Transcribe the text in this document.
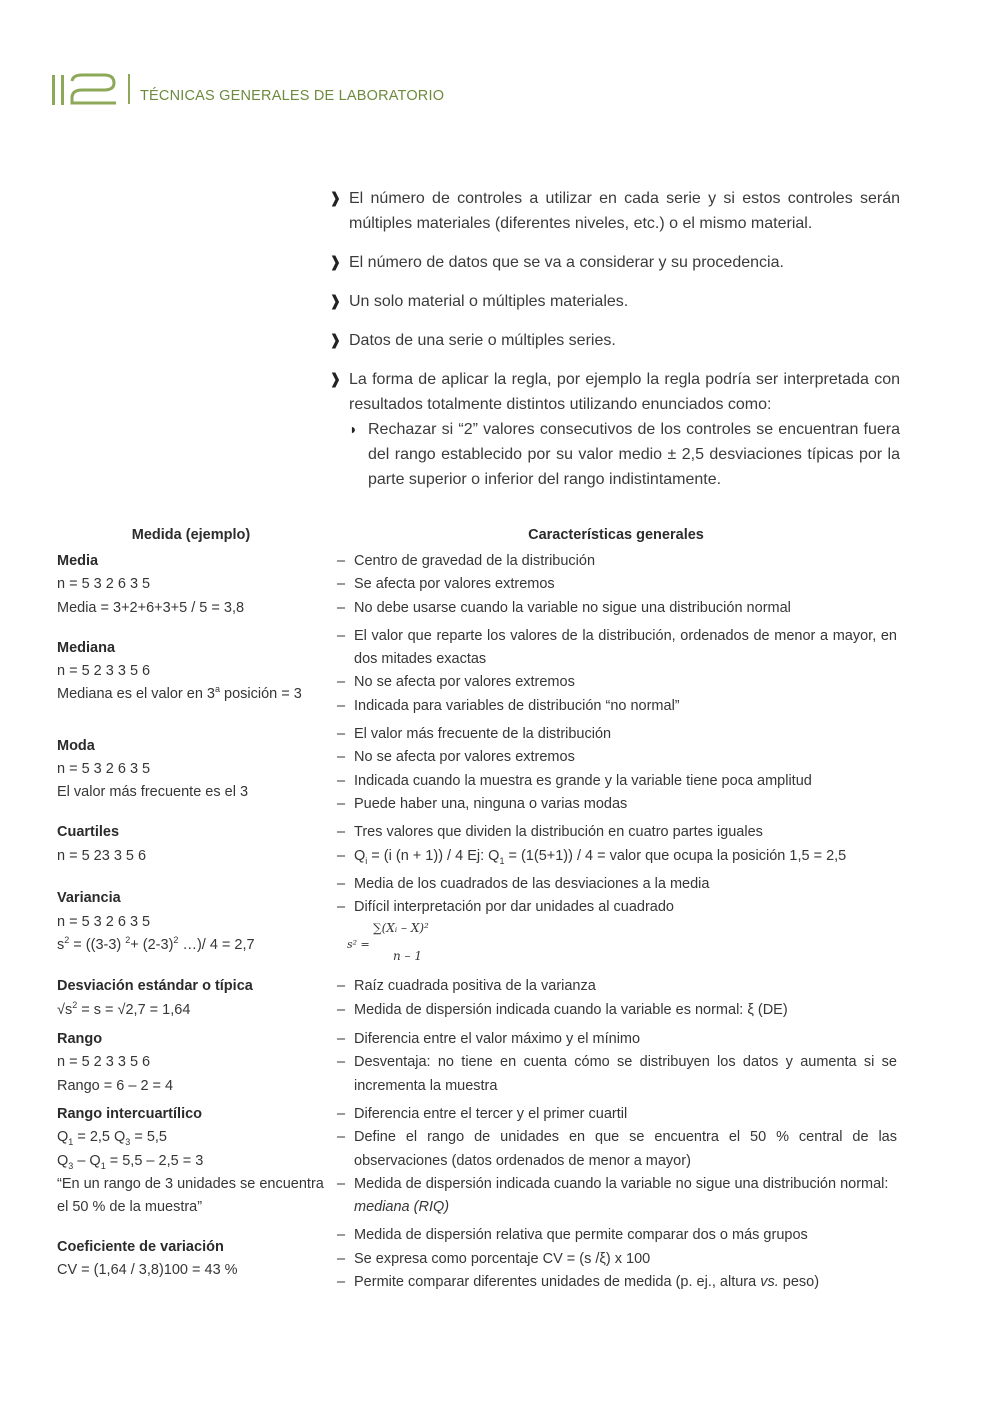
TÉCNICAS GENERALES DE LABORATORIO
❱ El número de controles a utilizar en cada serie y si estos controles serán múltiples materiales (diferentes niveles, etc.) o el mismo material.
❱ El número de datos que se va a considerar y su procedencia.
❱ Un solo material o múltiples materiales.
❱ Datos de una serie o múltiples series.
❱ La forma de aplicar la regla, por ejemplo la regla podría ser interpretada con resultados totalmente distintos utilizando enunciados como:
◗ Rechazar si “2” valores consecutivos de los controles se encuentran fuera del rango establecido por su valor medio ± 2,5 desviaciones típicas por la parte superior o inferior del rango indistintamente.
Medida (ejemplo)	Características generales
Media
n = 5 3 2 6 3 5
Media = 3+2+6+3+5 / 5 = 3,8
– Centro de gravedad de la distribución
– Se afecta por valores extremos
– No debe usarse cuando la variable no sigue una distribución normal
Mediana
n = 5 2 3 3 5 6
Mediana es el valor en 3$^a$ posición = 3
– El valor que reparte los valores de la distribución, ordenados de menor a mayor, en dos mitades exactas
– No se afecta por valores extremos
– Indicada para variables de distribución “no normal”
Moda
n = 5 3 2 6 3 5
El valor más frecuente es el 3
– El valor más frecuente de la distribución
– No se afecta por valores extremos
– Indicada cuando la muestra es grande y la variable tiene poca amplitud
– Puede haber una, ninguna o varias modas
Cuartiles
n = 5 23 3 5 6
– Tres valores que dividen la distribución en cuatro partes iguales
– $Q_i = (i$ (n + 1)) / 4 Ej: $Q_1 = (1(5+1)) / 4$ = valor que ocupa la posición 1,5 = 2,5
Variancia
n = 5 3 2 6 3 5
$s^2 = ((3-3)$ $^2+ (2-3)^2$ …)/ 4 = 2,7
– Media de los cuadrados de las desviaciones a la media
– Difícil interpretación por dar unidades al cuadrado
s² =
∑(Xᵢ – X)²
n – 1
Desviación estándar o típica
$√s^2 = s = √2,7 = 1,64$
– Raíz cuadrada positiva de la varianza
– Medida de dispersión indicada cuando la variable es normal: ξ (DE)
Rango
n = 5 2 3 3 5 6
Rango = 6 – 2 = 4
– Diferencia entre el valor máximo y el mínimo
– Desventaja: no tiene en cuenta cómo se distribuyen los datos y aumenta si se incrementa la muestra
Rango intercuartílico
$Q_1 = 2,5$ $Q_3 = 5,5$
$Q_3 - Q_1 = 5,5 - 2,5 = 3$
“En un rango de 3 unidades se encuentra el 50 % de la muestra”
– Diferencia entre el tercer y el primer cuartil
– Define el rango de unidades en que se encuentra el 50 % central de las observaciones (datos ordenados de menor a mayor)
– Medida de dispersión indicada cuando la variable no sigue una distribución normal:
mediana (RIQ)
Coeficiente de variación
CV = (1,64 / 3,8)100 = 43 %
– Medida de dispersión relativa que permite comparar dos o más grupos
– Se expresa como porcentaje CV = (s /ξ) x 100
– Permite comparar diferentes unidades de medida (p. ej., altura vs. peso)
